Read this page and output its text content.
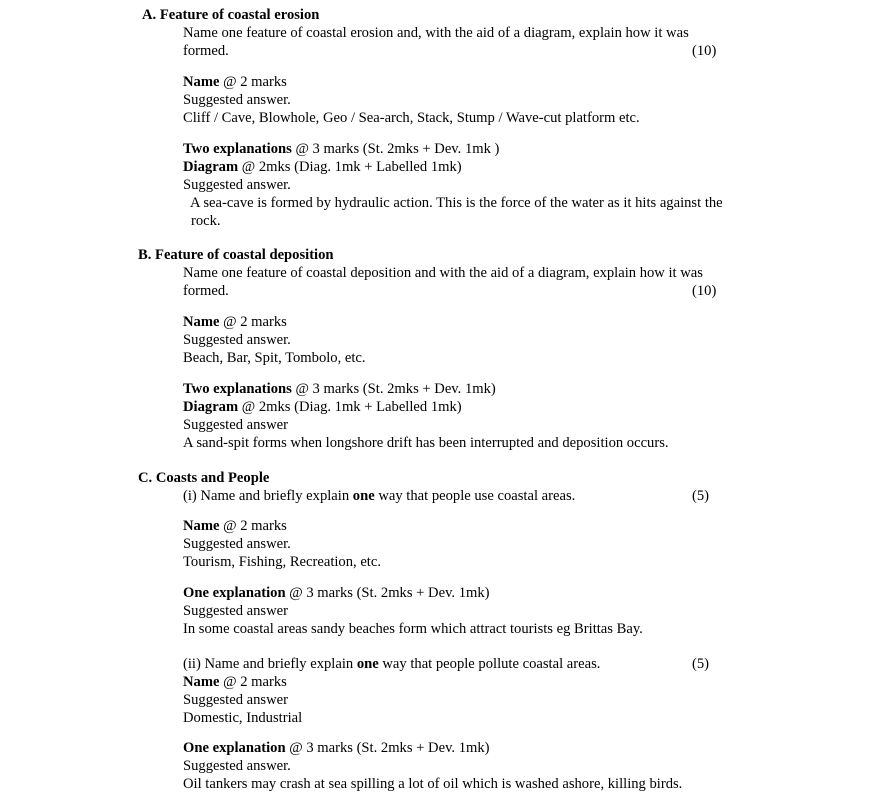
A. Feature of coastal erosion
Name one feature of coastal erosion and, with the aid of a diagram, explain how it was
formed.	(10)
Name @ 2 marks
Suggested answer.
Cliff / Cave, Blowhole, Geo / Sea-arch, Stack, Stump / Wave-cut platform etc.
Two explanations @ 3 marks (St. 2mks + Dev. 1mk )
Diagram @ 2mks (Diag. 1mk + Labelled 1mk)
Suggested answer.
A sea-cave is formed by hydraulic action. This is the force of the water as it hits against the
rock.
B. Feature of coastal deposition
Name one feature of coastal deposition and with the aid of a diagram, explain how it was
formed.	(10)
Name @ 2 marks
Suggested answer.
Beach, Bar, Spit, Tombolo, etc.
Two explanations @ 3 marks (St. 2mks + Dev. 1mk)
Diagram @ 2mks (Diag. 1mk + Labelled 1mk)
Suggested answer
A sand-spit forms when longshore drift has been interrupted and deposition occurs.
C. Coasts and People
(i) Name and briefly explain one way that people use coastal areas.	(5)
Name @ 2 marks
Suggested answer.
Tourism, Fishing, Recreation, etc.
One explanation @ 3 marks (St. 2mks + Dev. 1mk)
Suggested answer
In some coastal areas sandy beaches form which attract tourists eg Brittas Bay.
(ii) Name and briefly explain one way that people pollute coastal areas.	(5)
Name @ 2 marks
Suggested answer
Domestic, Industrial
One explanation @ 3 marks (St. 2mks + Dev. 1mk)
Suggested answer.
Oil tankers may crash at sea spilling a lot of oil which is washed ashore, killing birds.
